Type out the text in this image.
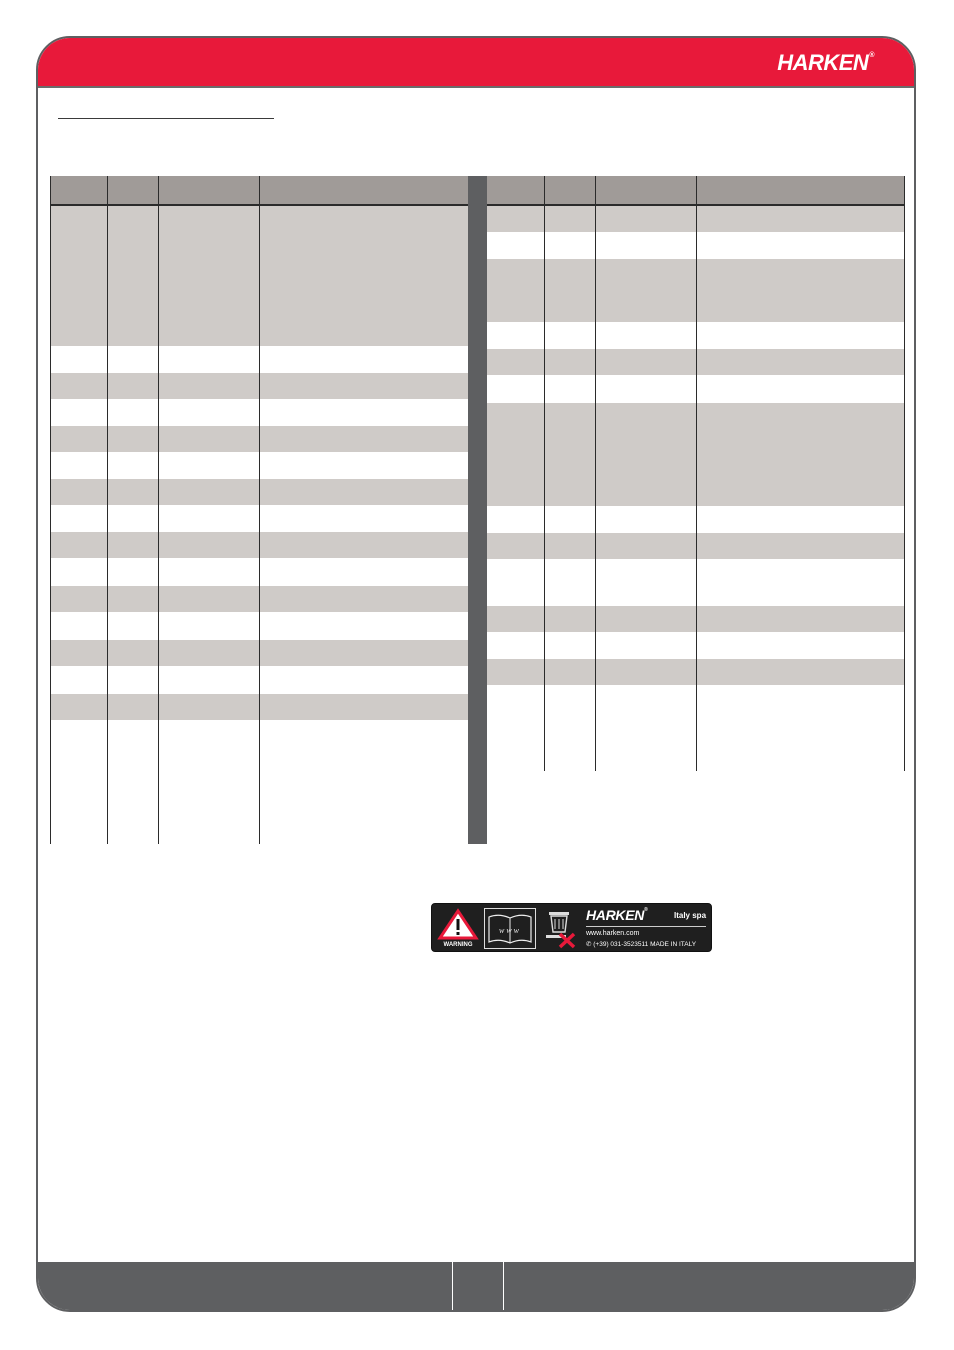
HARKEN®
WARNING
www
HARKEN®
Italy spa
www.harken.com
✆ (+39) 031-3523511 MADE IN ITALY
